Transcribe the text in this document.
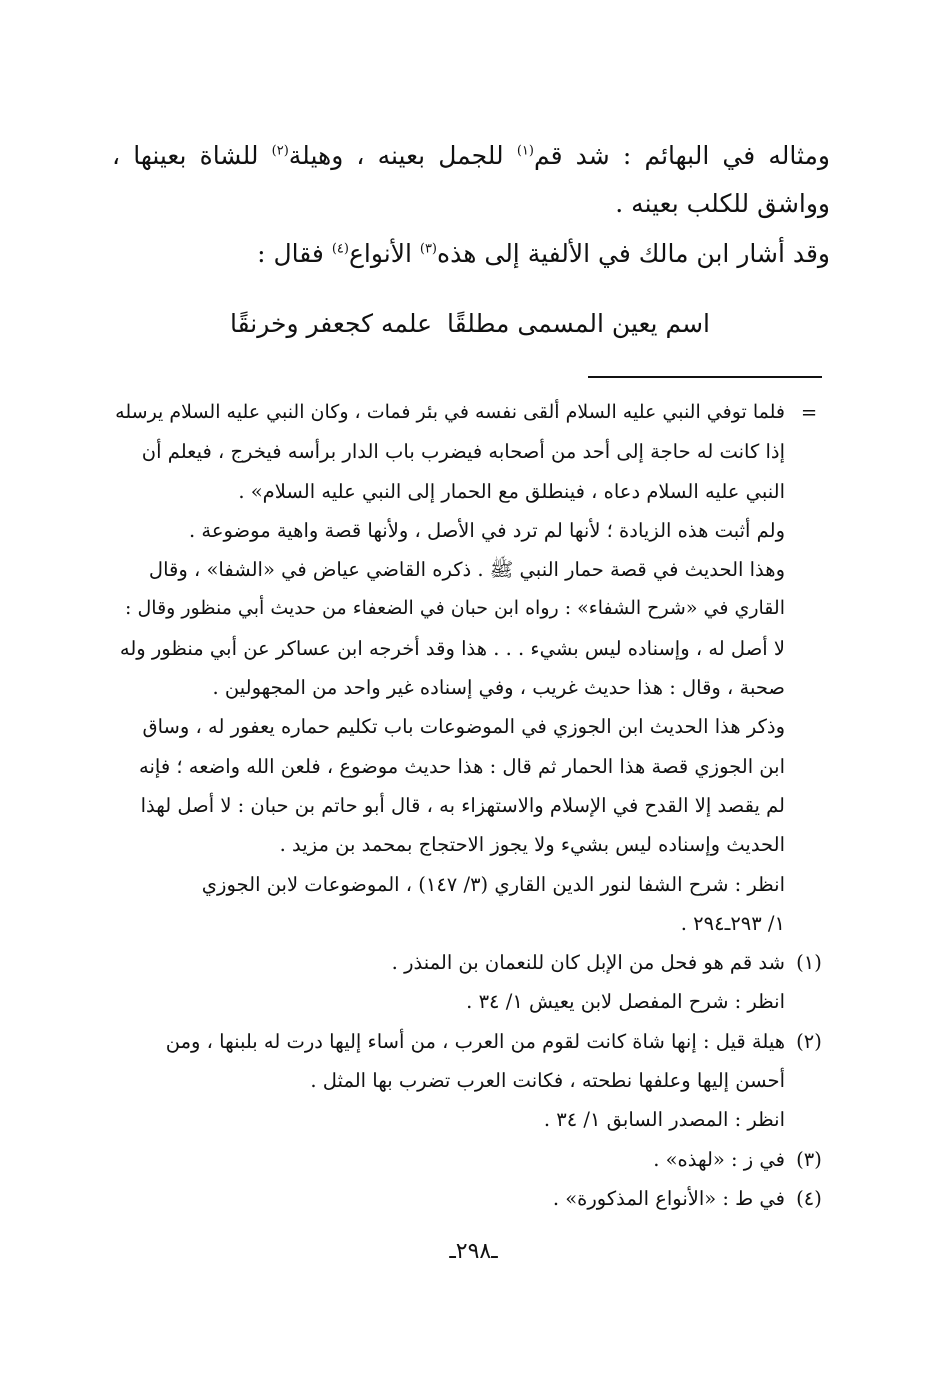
ومثاله في البهائم : شد قم$^{(١)}$ للجمل بعينه ، وهيلة$^{(٢)}$ للشاة بعينها ، وواشق للكلب بعينه .

وقد أشار ابن مالك في الألفية إلى هذه$^{(٣)}$ الأنواع$^{(٤)}$ فقال :

اسم يعين المسمى مطلقًا
علمه كجعفر وخرنقًا
=

فلما توفي النبي عليه السلام ألقى نفسه في بئر فمات ، وكان النبي عليه السلام يرسله

إذا كانت له حاجة إلى أحد من أصحابه فيضرب باب الدار برأسه فيخرج ، فيعلم أن

النبي عليه السلام دعاه ، فينطلق مع الحمار إلى النبي عليه السلام» .

ولم أثبت هذه الزيادة ؛ لأنها لم ترد في الأصل ، ولأنها قصة واهية موضوعة .

وهذا الحديث في قصة حمار النبي ﷺ . ذكره القاضي عياض في «الشفا» ، وقال

القاري في «شرح الشفاء» : رواه ابن حبان في الضعفاء من حديث أبي منظور وقال :

لا أصل له ، وإسناده ليس بشيء . . . هذا وقد أخرجه ابن عساكر عن أبي منظور وله

صحبة ، وقال : هذا حديث غريب ، وفي إسناده غير واحد من المجهولين .

وذكر هذا الحديث ابن الجوزي في الموضوعات باب تكليم حماره يعفور له ، وساق

ابن الجوزي قصة هذا الحمار ثم قال : هذا حديث موضوع ، فلعن الله واضعه ؛ فإنه

لم يقصد إلا القدح في الإسلام والاستهزاء به ، قال أبو حاتم بن حبان : لا أصل لهذا

الحديث وإسناده ليس بشيء ولا يجوز الاحتجاج بمحمد بن مزيد .

انظر : شرح الشفا لنور الدين القاري (٣/ ١٤٧) ، الموضوعات لابن الجوزي

١/ ٢٩٣ـ٢٩٤ .

(١)

شد قم هو فحل من الإبل كان للنعمان بن المنذر .

انظر : شرح المفصل لابن يعيش ١/ ٣٤ .

(٢)

هيلة قيل : إنها شاة كانت لقوم من العرب ، من أساء إليها درت له بلبنها ، ومن

أحسن إليها وعلفها نطحته ، فكانت العرب تضرب بها المثل .

انظر : المصدر السابق ١/ ٣٤ .

(٣)

في ز : «لهذه» .

(٤)

في ط : «الأنواع المذكورة» .

ـ٢٩٨ـ
